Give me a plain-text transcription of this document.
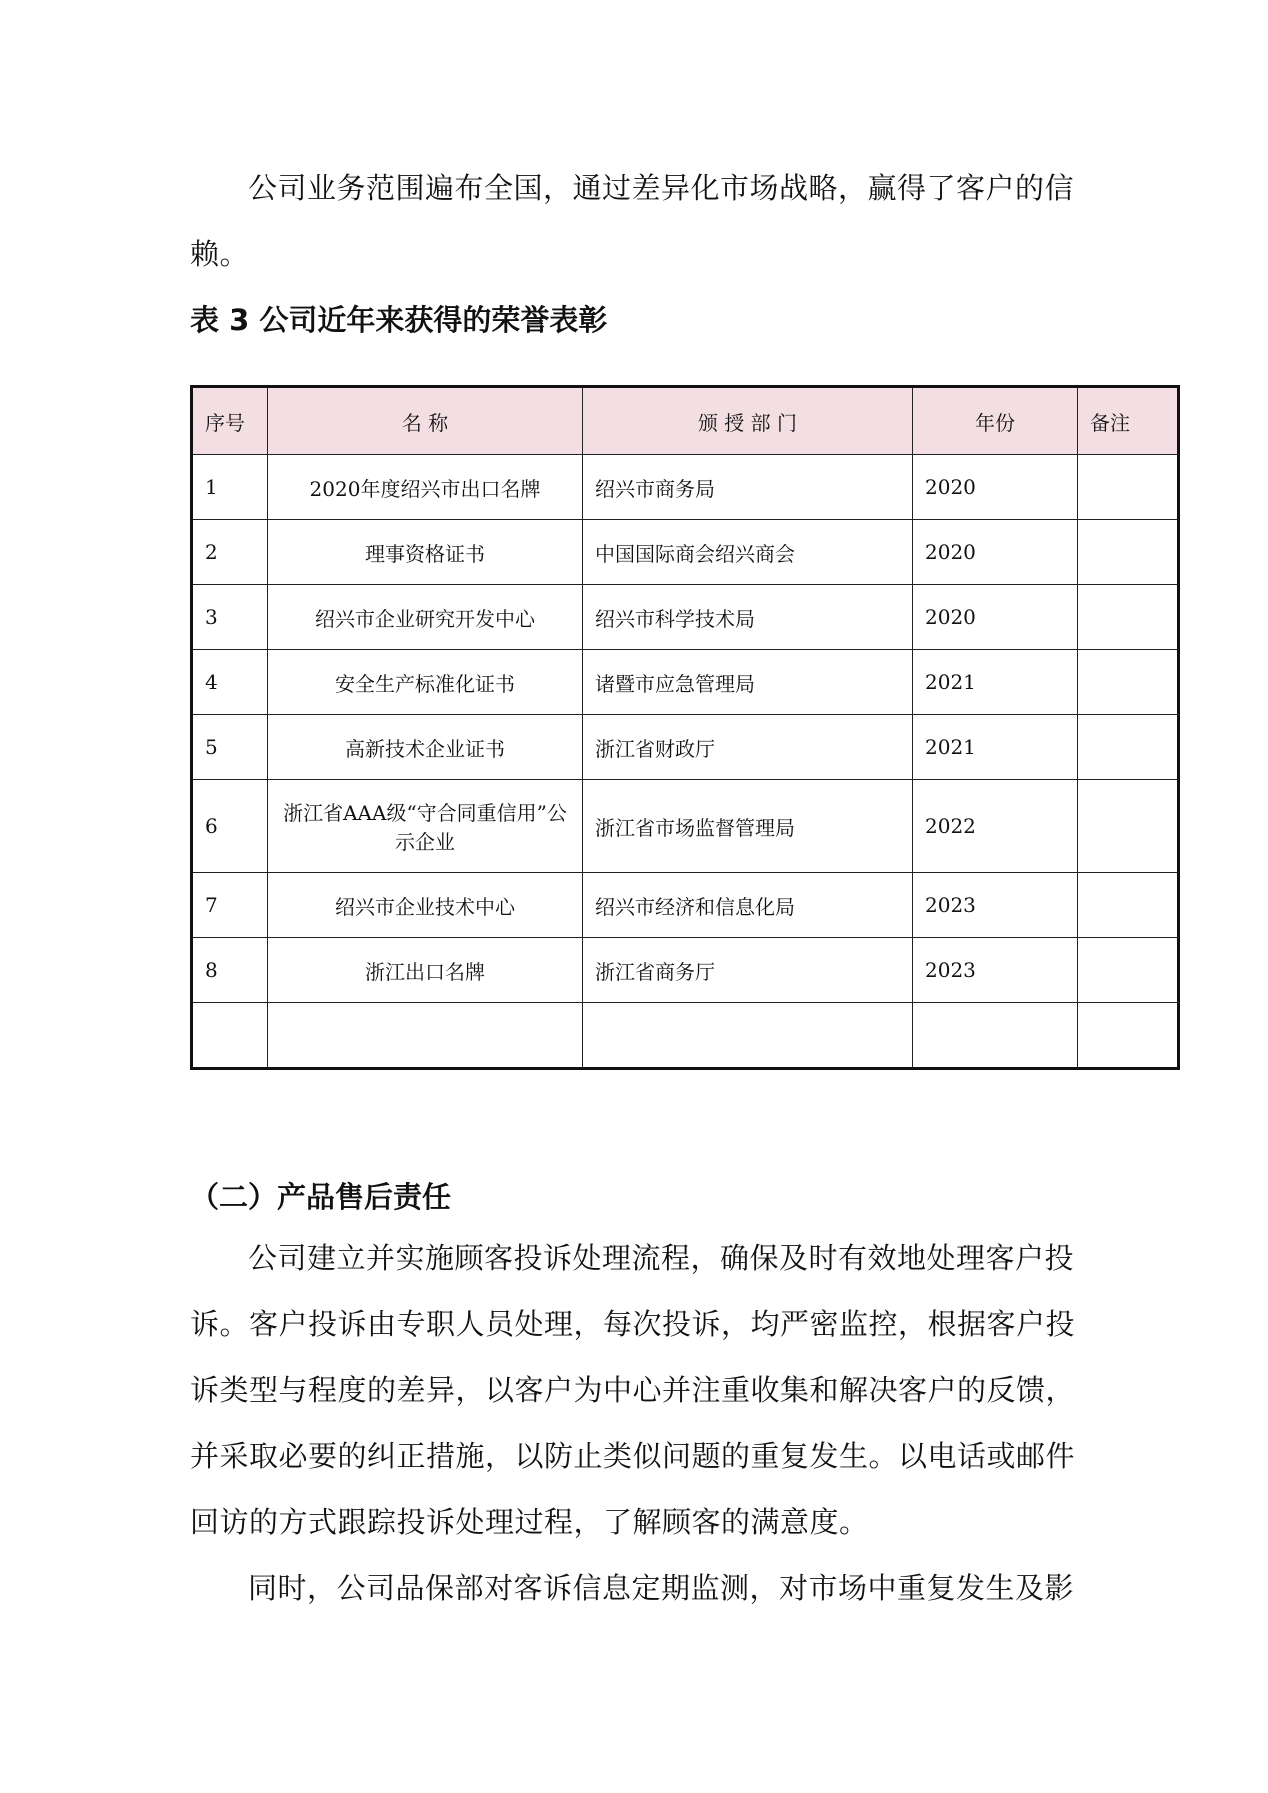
公司业务范围遍布全国，通过差异化市场战略，赢得了客户的信赖。

表 3 公司近年来获得的荣誉表彰
序号	名 称	颁 授 部 门	年份	备注
1	2020年度绍兴市出口名牌	绍兴市商务局	2020	
2	理事资格证书	中国国际商会绍兴商会	2020	
3	绍兴市企业研究开发中心	绍兴市科学技术局	2020	
4	安全生产标准化证书	诸暨市应急管理局	2021	
5	高新技术企业证书	浙江省财政厅	2021	
6	浙江省AAA级“守合同重信用”公示企业	浙江省市场监督管理局	2022	
7	绍兴市企业技术中心	绍兴市经济和信息化局	2023	
8	浙江出口名牌	浙江省商务厅	2023	

（二）产品售后责任

公司建立并实施顾客投诉处理流程，确保及时有效地处理客户投诉。客户投诉由专职人员处理，每次投诉，均严密监控，根据客户投诉类型与程度的差异，以客户为中心并注重收集和解决客户的反馈，并采取必要的纠正措施，以防止类似问题的重复发生。以电话或邮件回访的方式跟踪投诉处理过程，了解顾客的满意度。

同时，公司品保部对客诉信息定期监测，对市场中重复发生及影
